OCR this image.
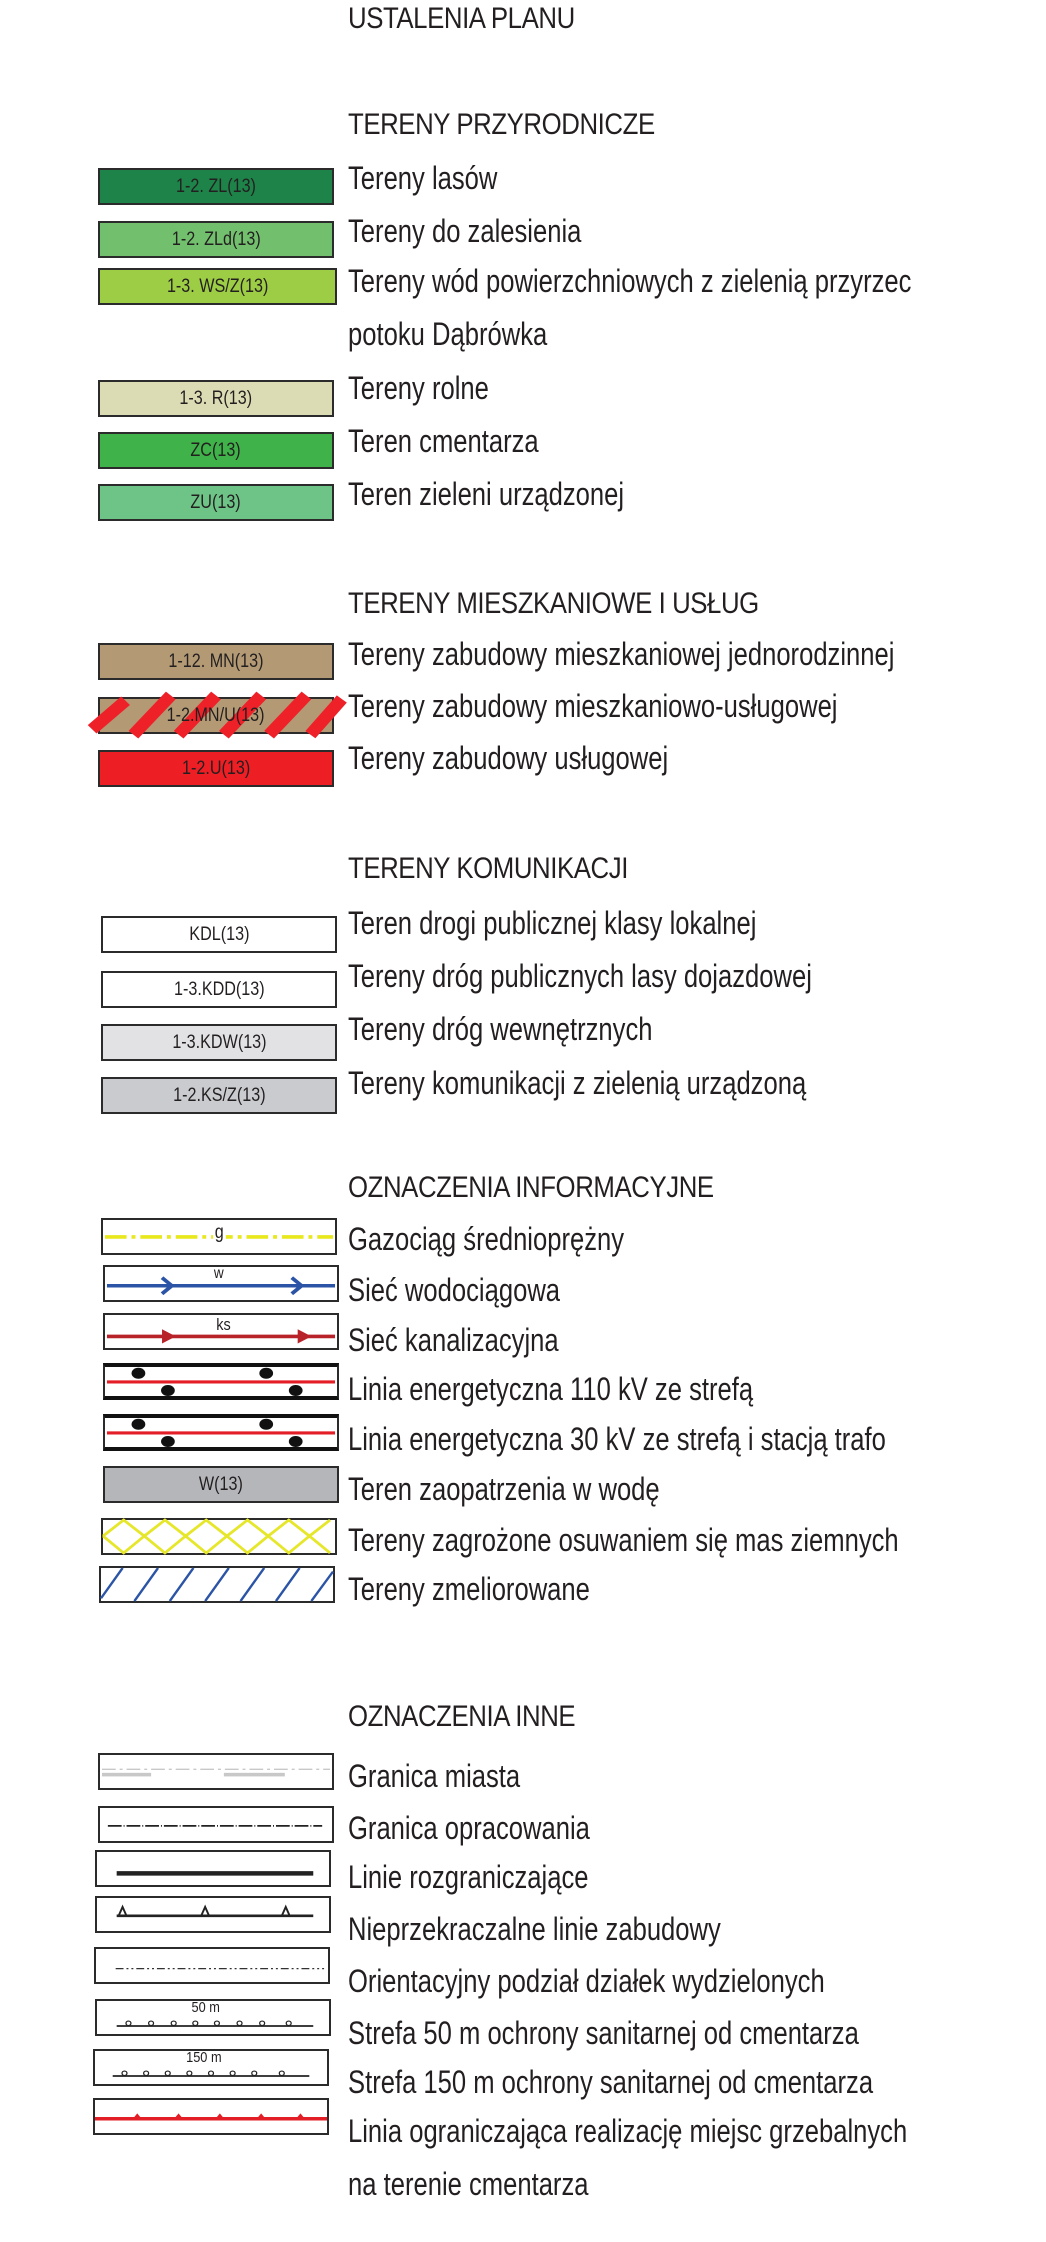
USTALENIA PLANU
TERENY PRZYRODNICZE
1-2. ZL(13)	Tereny lasów
1-2. ZLd(13)	Tereny do zalesienia
1-3. WS/Z(13) Tereny wód powierzchniowych z zielenią przyrzec
potoku Dąbrówka
1-3. R(13)	Tereny rolne
ZC(13)	Teren cmentarza
ZU(13)	Teren zieleni urządzonej
TERENY MIESZKANIOWE I USŁUG
1-12. MN(13)	Tereny zabudowy mieszkaniowej jednorodzinnej
1-2.MN/U(13)	Tereny zabudowy mieszkaniowo-usługowej
1-2.U(13)	Tereny zabudowy usługowej
TERENY KOMUNIKACJI
KDL(13)	Teren drogi publicznej klasy lokalnej
1-3.KDD(13)	Tereny dróg publicznych lasy dojazdowej
1-3.KDW(13)	Tereny dróg wewnętrznych
1-2.KS/Z(13)	Tereny komunikacji z zielenią urządzoną
OZNACZENIA INFORMACYJNE
g	Gazociąg średnioprężny
w	Sieć wodociągowa
ks	Sieć kanalizacyjna
Linia energetyczna 110 kV ze strefą
Linia energetyczna 30 kV ze strefą i stacją trafo
W(13)	Teren zaopatrzenia w wodę
Tereny zagrożone osuwaniem się mas ziemnych
Tereny zmeliorowane
OZNACZENIA INNE
Granica miasta
Granica opracowania
Linie rozgraniczające
Nieprzekraczalne linie zabudowy
Orientacyjny podział działek wydzielonych
50 m
Strefa 50 m ochrony sanitarnej od cmentarza
150 m
Strefa 150 m ochrony sanitarnej od cmentarza
Linia ograniczająca realizację miejsc grzebalnych
na terenie cmentarza
